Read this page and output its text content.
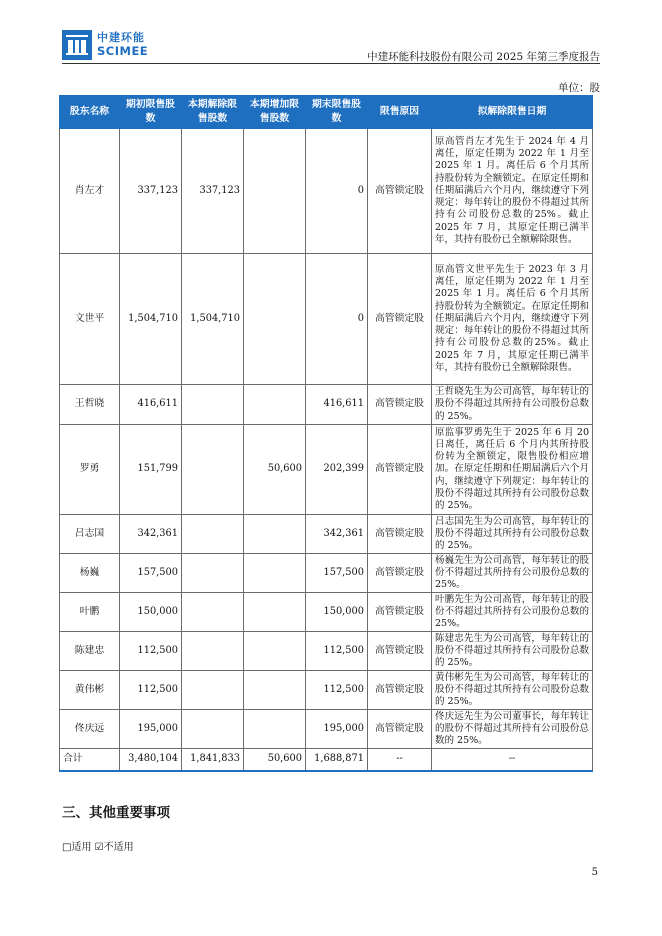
中建环能
SCIMEE	中建环能科技股份有限公司 2025 年第三季度报告
单位：股
股东名称	期初限售股数	本期解除限售股数	本期增加限售股数	期末限售股数	限售原因	拟解除限售日期
肖左才	337,123	337,123		0	高管锁定股	原高管肖左才先生于 2024 年 4 月离任，原定任期为 2022 年 1 月至 2025 年 1 月。离任后 6 个月其所持股份转为全额锁定。在原定任期和任期届满后六个月内，继续遵守下列规定：每年转让的股份不得超过其所持有公司股份总数的25%。截止 2025 年 7 月，其原定任期已满半年，其持有股份已全额解除限售。
文世平	1,504,710	1,504,710		0	高管锁定股	原高管文世平先生于 2023 年 3 月离任，原定任期为 2022 年 1 月至 2025 年 1 月。离任后 6 个月其所持股份转为全额锁定。在原定任期和任期届满后六个月内，继续遵守下列规定：每年转让的股份不得超过其所持有公司股份总数的25%。截止 2025 年 7 月，其原定任期已满半年，其持有股份已全额解除限售。
王哲晓	416,611			416,611	高管锁定股	王哲晓先生为公司高管，每年转让的股份不得超过其所持有公司股份总数的 25%。
罗勇	151,799		50,600	202,399	高管锁定股	原监事罗勇先生于 2025 年 6 月 20 日离任，离任后 6 个月内其所持股份转为全额锁定，限售股份相应增加。在原定任期和任期届满后六个月内，继续遵守下列规定：每年转让的股份不得超过其所持有公司股份总数的 25%。
吕志国	342,361			342,361	高管锁定股	吕志国先生为公司高管，每年转让的股份不得超过其所持有公司股份总数的 25%。
杨巍	157,500			157,500	高管锁定股	杨巍先生为公司高管，每年转让的股份不得超过其所持有公司股份总数的 25%。
叶鹏	150,000			150,000	高管锁定股	叶鹏先生为公司高管，每年转让的股份不得超过其所持有公司股份总数的 25%。
陈建忠	112,500			112,500	高管锁定股	陈建忠先生为公司高管，每年转让的股份不得超过其所持有公司股份总数的 25%。
黄伟彬	112,500			112,500	高管锁定股	黄伟彬先生为公司高管，每年转让的股份不得超过其所持有公司股份总数的 25%。
佟庆远	195,000			195,000	高管锁定股	佟庆远先生为公司董事长，每年转让的股份不得超过其所持有公司股份总数的 25%。
合计	3,480,104	1,841,833	50,600	1,688,871	--	--
三、其他重要事项
□适用 ☑不适用
5
